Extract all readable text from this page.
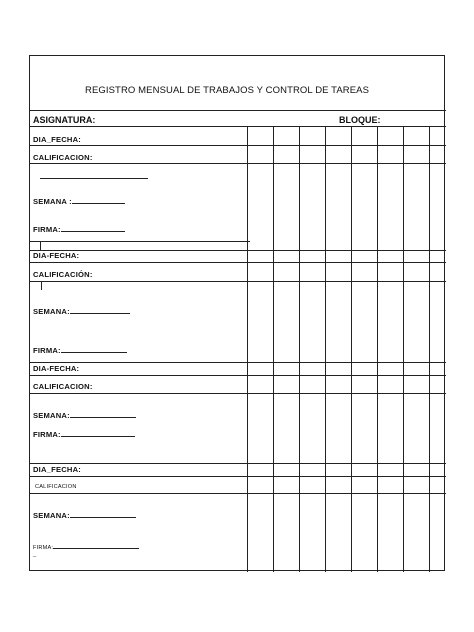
REGISTRO MENSUAL DE TRABAJOS Y CONTROL DE TAREAS
ASIGNATURA:	BLOQUE:
DIA_FECHA:
CALIFICACION:
SEMANA :
FIRMA:
DIA-FECHA:
CALIFICACIÓN:
SEMANA:
FIRMA:
DIA-FECHA:
CALIFICACION:
SEMANA:
FIRMA:
DIA_FECHA:
CALIFICACION
SEMANA:
FIRMA:
_
